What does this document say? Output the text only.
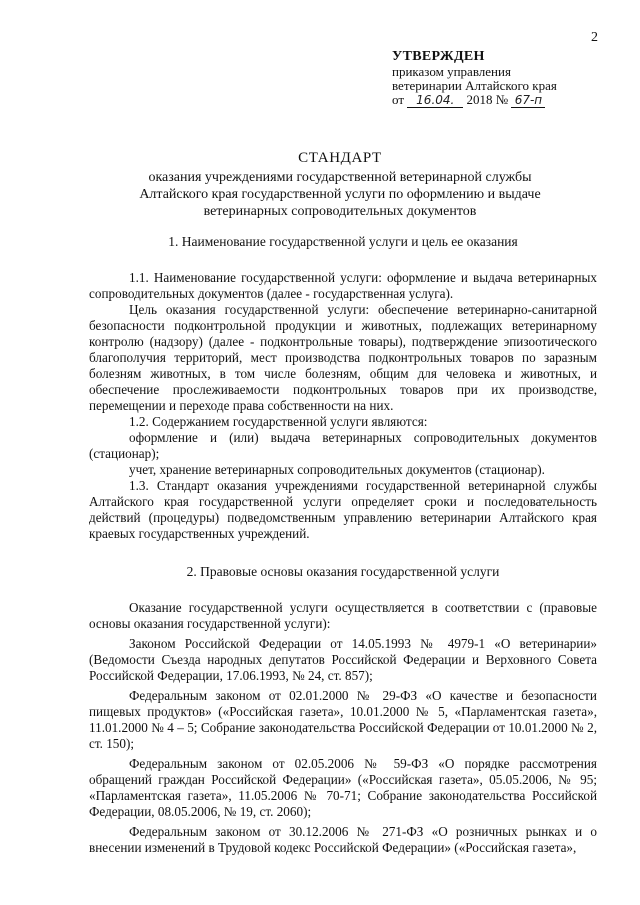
2
УТВЕРЖДЕН
приказом управления
ветеринарии Алтайского края
от 16.04. 2018 № 67-п
СТАНДАРТ
оказания учреждениями государственной ветеринарной службы
Алтайского края государственной услуги по оформлению и выдаче
ветеринарных сопроводительных документов

1. Наименование государственной услуги и цель ее оказания

1.1. Наименование государственной услуги: оформление и выдача ветеринарных сопроводительных документов (далее - государственная услуга).

Цель оказания государственной услуги: обеспечение ветеринарно-санитарной безопасности подконтрольной продукции и животных, подлежащих ветеринарному контролю (надзору) (далее - подконтрольные товары), подтверждение эпизоотического благополучия территорий, мест производства подконтрольных товаров по заразным болезням животных, в том числе болезням, общим для человека и животных, и обеспечение прослеживаемости подконтрольных товаров при их производстве, перемещении и переходе права собственности на них.

1.2. Содержанием государственной услуги являются:

оформление и (или) выдача ветеринарных сопроводительных документов (стационар);

учет, хранение ветеринарных сопроводительных документов (стационар).

1.3. Стандарт оказания учреждениями государственной ветеринарной службы Алтайского края государственной услуги определяет сроки и последовательность действий (процедуры) подведомственным управлению ветеринарии Алтайского края краевых государственных учреждений.

2. Правовые основы оказания государственной услуги

Оказание государственной услуги осуществляется в соответствии с (правовые основы оказания государственной услуги):

Законом Российской Федерации от 14.05.1993 № 4979-1 «О ветеринарии» (Ведомости Съезда народных депутатов Российской Федерации и Верховного Совета Российской Федерации, 17.06.1993, № 24, ст. 857);

Федеральным законом от 02.01.2000 № 29-ФЗ «О качестве и безопасности пищевых продуктов» («Российская газета», 10.01.2000 № 5, «Парламентская газета», 11.01.2000 № 4 – 5; Собрание законодательства Российской Федерации от 10.01.2000 № 2, ст. 150);

Федеральным законом от 02.05.2006 № 59-ФЗ «О порядке рассмотрения обращений граждан Российской Федерации» («Российская газета», 05.05.2006, № 95; «Парламентская газета», 11.05.2006 № 70-71; Собрание законодательства Российской Федерации, 08.05.2006, № 19, ст. 2060);

Федеральным законом от 30.12.2006 № 271-ФЗ «О розничных рынках и о внесении изменений в Трудовой кодекс Российской Федерации» («Российская газета»,
